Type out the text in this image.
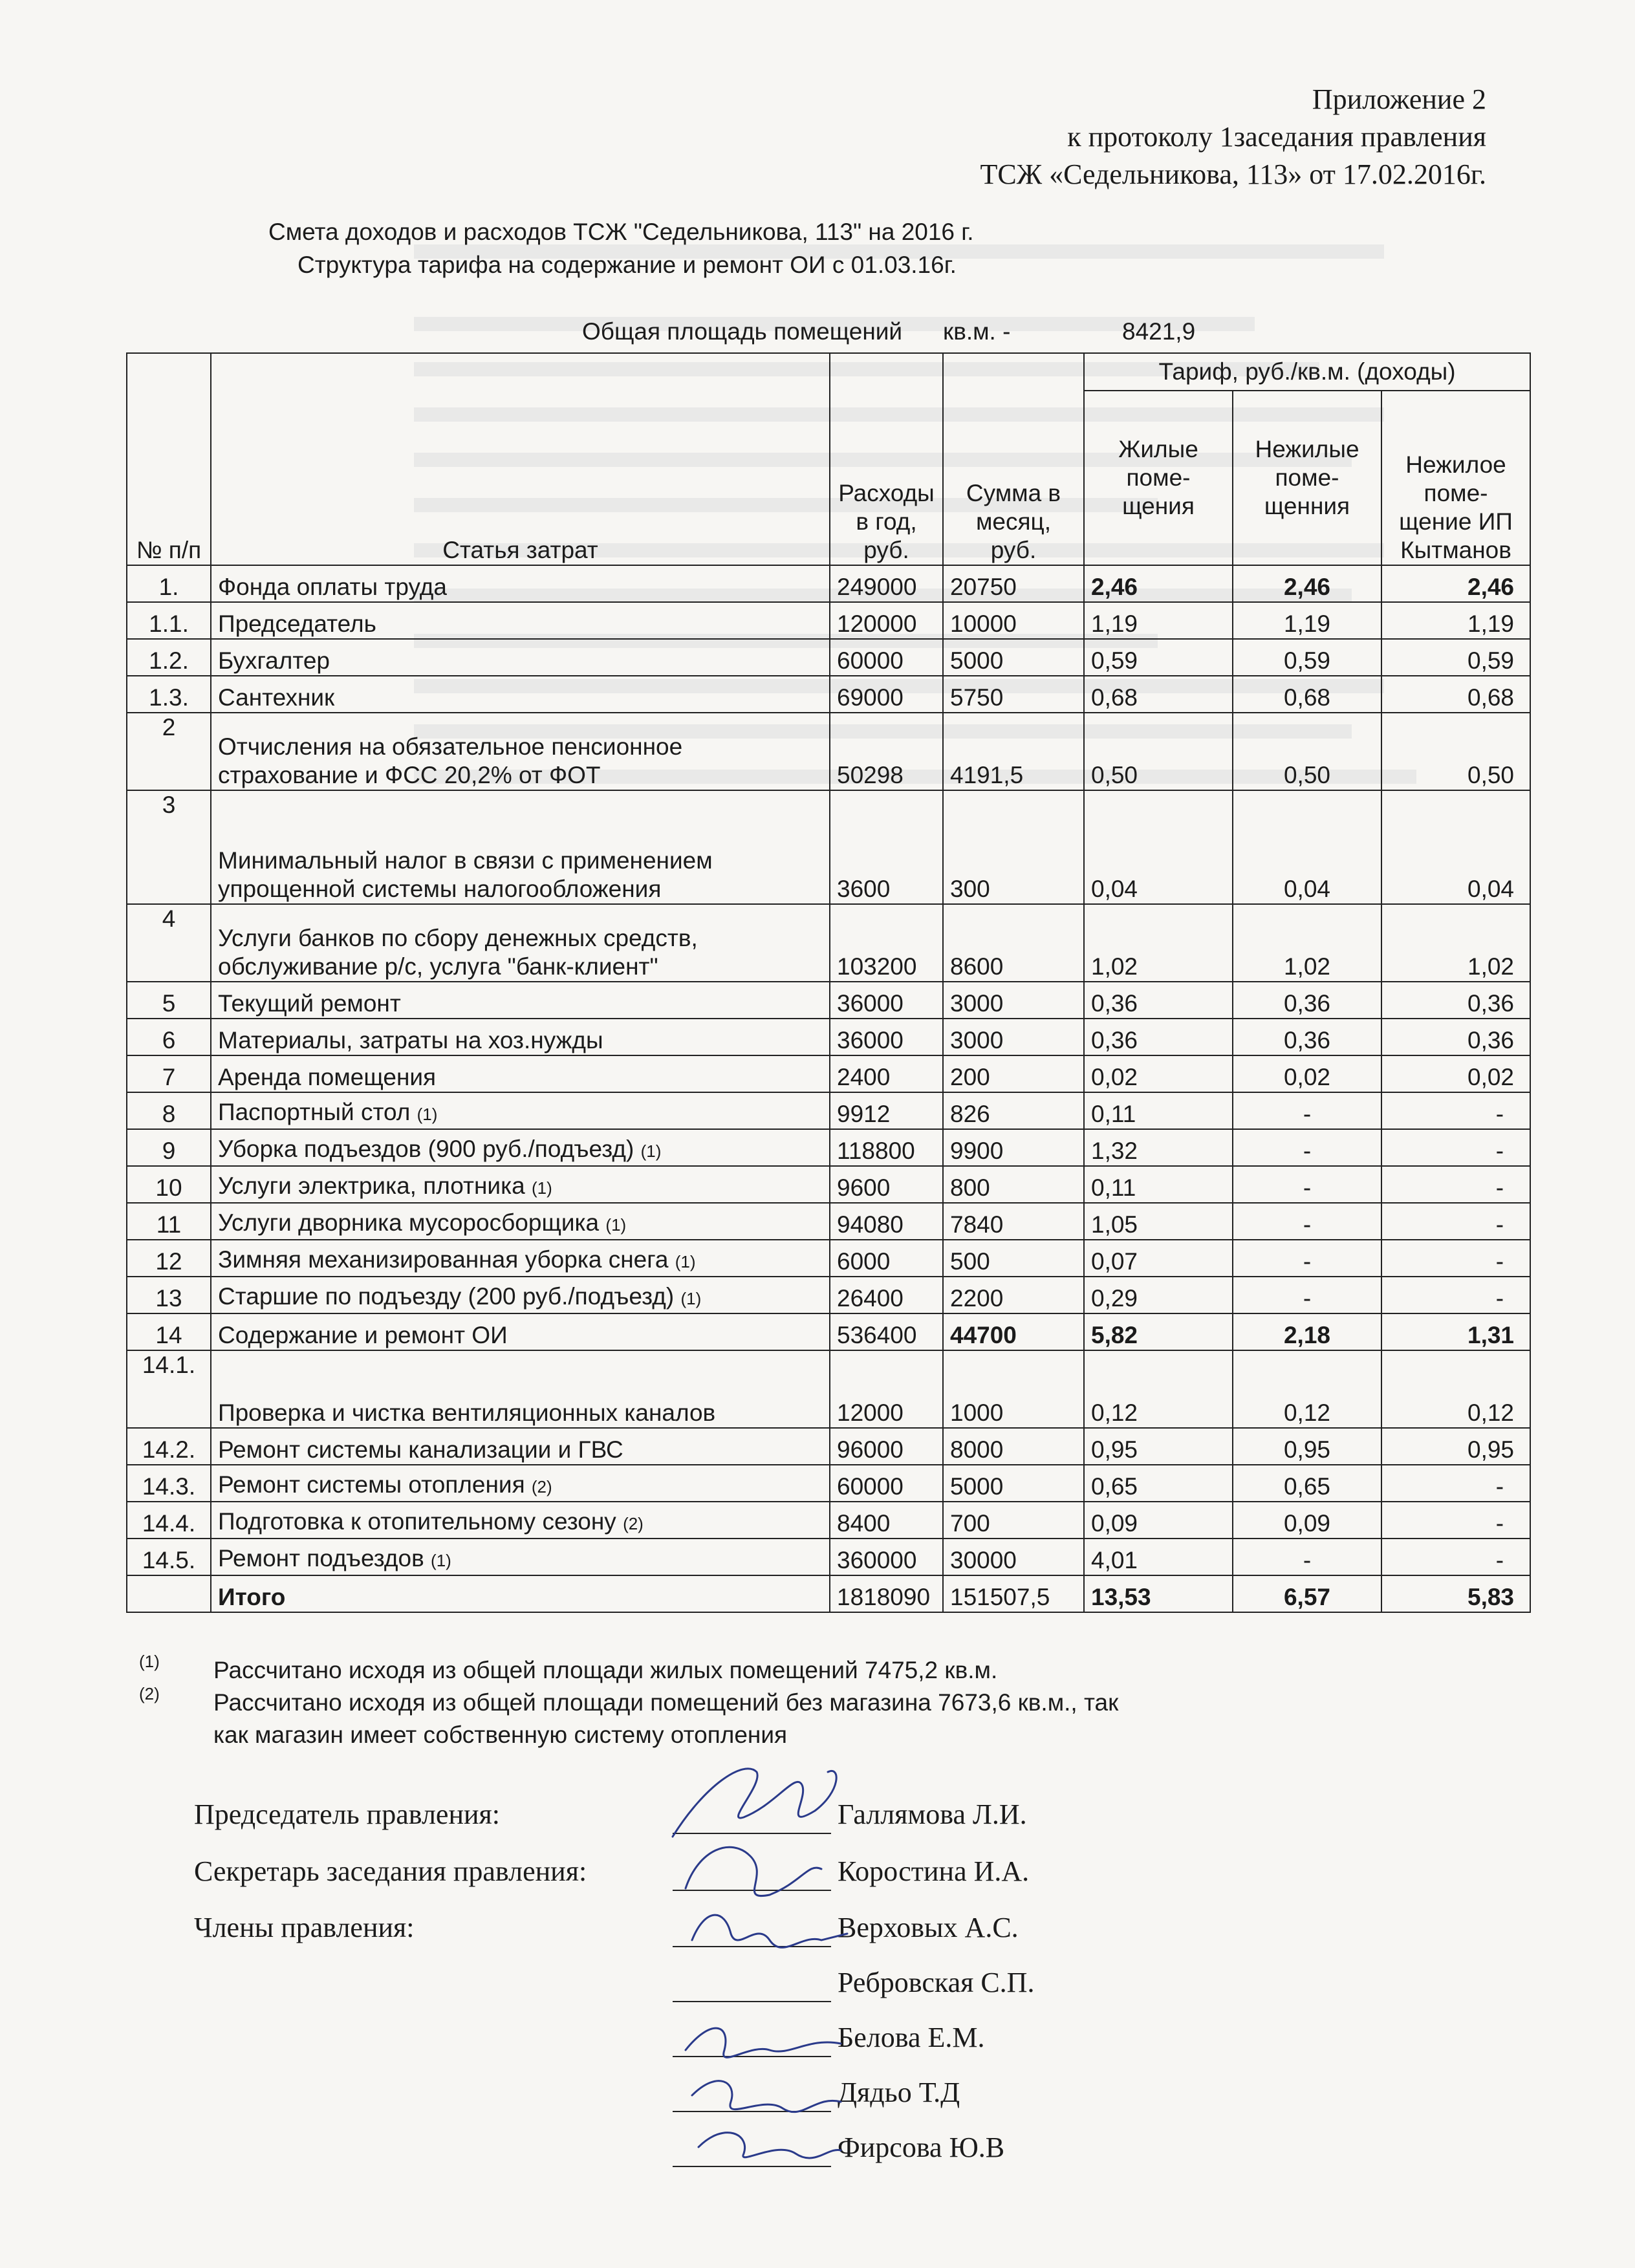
Приложение 2
к протоколу 1заседания правления
ТСЖ «Седельникова, 113» от 17.02.2016г.
Смета доходов и расходов ТСЖ "Седельникова, 113" на 2016 г.
Структура тарифа на содержание и ремонт ОИ с 01.03.16г.
Общая площадь помещений кв.м. -	8421,9
№ п/п	Статья затрат	Расходы в год, руб.	Сумма в месяц, руб.	Тариф, руб./кв.м. (доходы)		
				Жилые поме- щения	Нежилые поме- щенния	Нежилое поме- щение ИП Кытманов
1.	Фонда оплаты труда	249000	20750	2,46	2,46	2,46
1.1.	Председатель	120000	10000	1,19	1,19	1,19
1.2.	Бухгалтер	60000	5000	0,59	0,59	0,59
1.3.	Сантехник	69000	5750	0,68	0,68	0,68
2	Отчисления на обязательное пенсионное страхование и ФСС 20,2% от ФОТ	50298	4191,5	0,50	0,50	0,50
3	Минимальный налог в связи с применением упрощенной системы налогообложения	3600	300	0,04	0,04	0,04
4	Услуги банков по сбору денежных средств, обслуживание р/с, услуга "банк-клиент"	103200	8600	1,02	1,02	1,02
5	Текущий ремонт	36000	3000	0,36	0,36	0,36
6	Материалы, затраты на хоз.нужды	36000	3000	0,36	0,36	0,36
7	Аренда помещения	2400	200	0,02	0,02	0,02
8	Паспортный стол (1)	9912	826	0,11	-	-
9	Уборка подъездов (900 руб./подъезд) (1)	118800	9900	1,32	-	-
10	Услуги электрика, плотника (1)	9600	800	0,11	-	-
11	Услуги дворника мусоросборщика (1)	94080	7840	1,05	-	-
12	Зимняя механизированная уборка снега (1)	6000	500	0,07	-	-
13	Старшие по подъезду (200 руб./подъезд) (1)	26400	2200	0,29	-	-
14	Содержание и ремонт ОИ	536400	44700	5,82	2,18	1,31
14.1.	Проверка и чистка вентиляционных каналов	12000	1000	0,12	0,12	0,12
14.2.	Ремонт системы канализации и ГВС	96000	8000	0,95	0,95	0,95
14.3.	Ремонт системы отопления (2)	60000	5000	0,65	0,65	-
14.4.	Подготовка к отопительному сезону (2)	8400	700	0,09	0,09	-
14.5.	Ремонт подъездов (1)	360000	30000	4,01	-	-
	Итого	1818090	151507,5	13,53	6,57	5,83
(1) Рассчитано исходя из общей площади жилых помещений 7475,2 кв.м.
(2) Рассчитано исходя из общей площади помещений без магазина 7673,6 кв.м., так как магазин имеет собственную систему отопления
Председатель правления:
Секретарь заседания правления:
Члены правления:
Галлямова Л.И.
Коростина И.А.
Верховых А.С.
Ребровская С.П.
Белова Е.М.
Дядьо Т.Д
Фирсова Ю.В
